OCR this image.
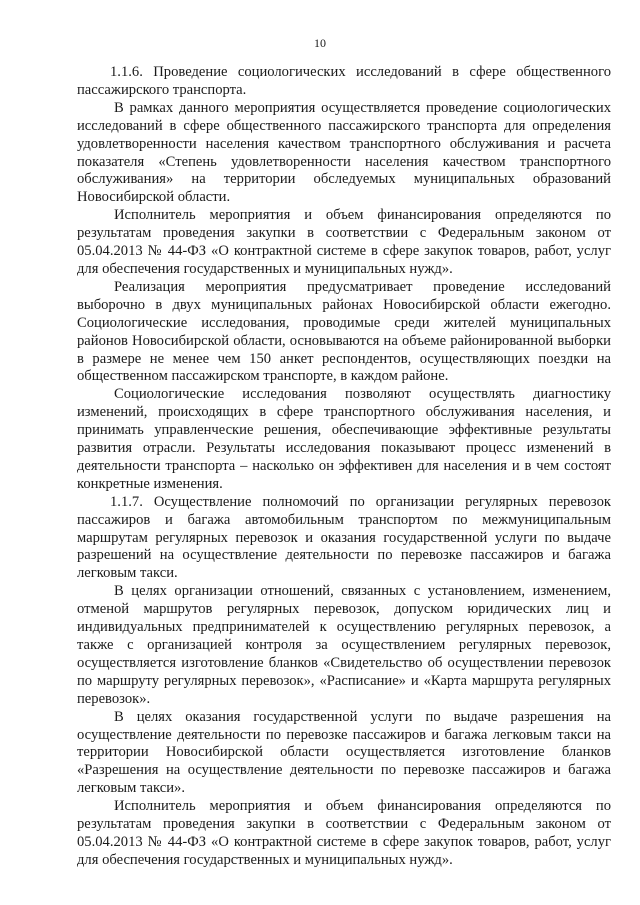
10

1.1.6. Проведение социологических исследований в сфере общественного пассажирского транспорта.

В рамках данного мероприятия осуществляется проведение социологических исследований в сфере общественного пассажирского транспорта для определения удовлетворенности населения качеством транспортного обслуживания и расчета показателя «Степень удовлетворенности населения качеством транспортного обслуживания» на территории обследуемых муниципальных образований Новосибирской области.

Исполнитель мероприятия и объем финансирования определяются по результатам проведения закупки в соответствии с Федеральным законом от 05.04.2013 № 44-ФЗ «О контрактной системе в сфере закупок товаров, работ, услуг для обеспечения государственных и муниципальных нужд».

Реализация мероприятия предусматривает проведение исследований выборочно в двух муниципальных районах Новосибирской области ежегодно. Социологические исследования, проводимые среди жителей муниципальных районов Новосибирской области, основываются на объеме районированной выборки в размере не менее чем 150 анкет респондентов, осуществляющих поездки на общественном пассажирском транспорте, в каждом районе.

Социологические исследования позволяют осуществлять диагностику изменений, происходящих в сфере транспортного обслуживания населения, и принимать управленческие решения, обеспечивающие эффективные результаты развития отрасли. Результаты исследования показывают процесс изменений в деятельности транспорта – насколько он эффективен для населения и в чем состоят конкретные изменения.

1.1.7. Осуществление полномочий по организации регулярных перевозок пассажиров и багажа автомобильным транспортом по межмуниципальным маршрутам регулярных перевозок и оказания государственной услуги по выдаче разрешений на осуществление деятельности по перевозке пассажиров и багажа легковым такси.

В целях организации отношений, связанных с установлением, изменением, отменой маршрутов регулярных перевозок, допуском юридических лиц и индивидуальных предпринимателей к осуществлению регулярных перевозок, а также с организацией контроля за осуществлением регулярных перевозок, осуществляется изготовление бланков «Свидетельство об осуществлении перевозок по маршруту регулярных перевозок», «Расписание» и «Карта маршрута регулярных перевозок».

В целях оказания государственной услуги по выдаче разрешения на осуществление деятельности по перевозке пассажиров и багажа легковым такси на территории Новосибирской области осуществляется изготовление бланков «Разрешения на осуществление деятельности по перевозке пассажиров и багажа легковым такси».

Исполнитель мероприятия и объем финансирования определяются по результатам проведения закупки в соответствии с Федеральным законом от 05.04.2013 № 44-ФЗ «О контрактной системе в сфере закупок товаров, работ, услуг для обеспечения государственных и муниципальных нужд».
